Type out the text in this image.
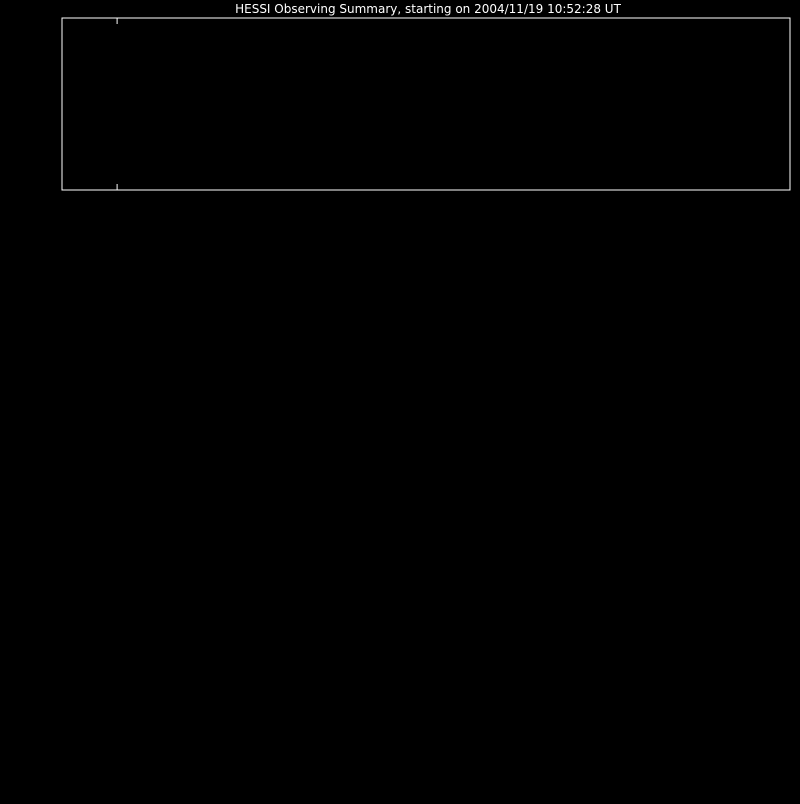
HESSI Observing Summary, starting on 2004/11/19 10:52:28 UT
